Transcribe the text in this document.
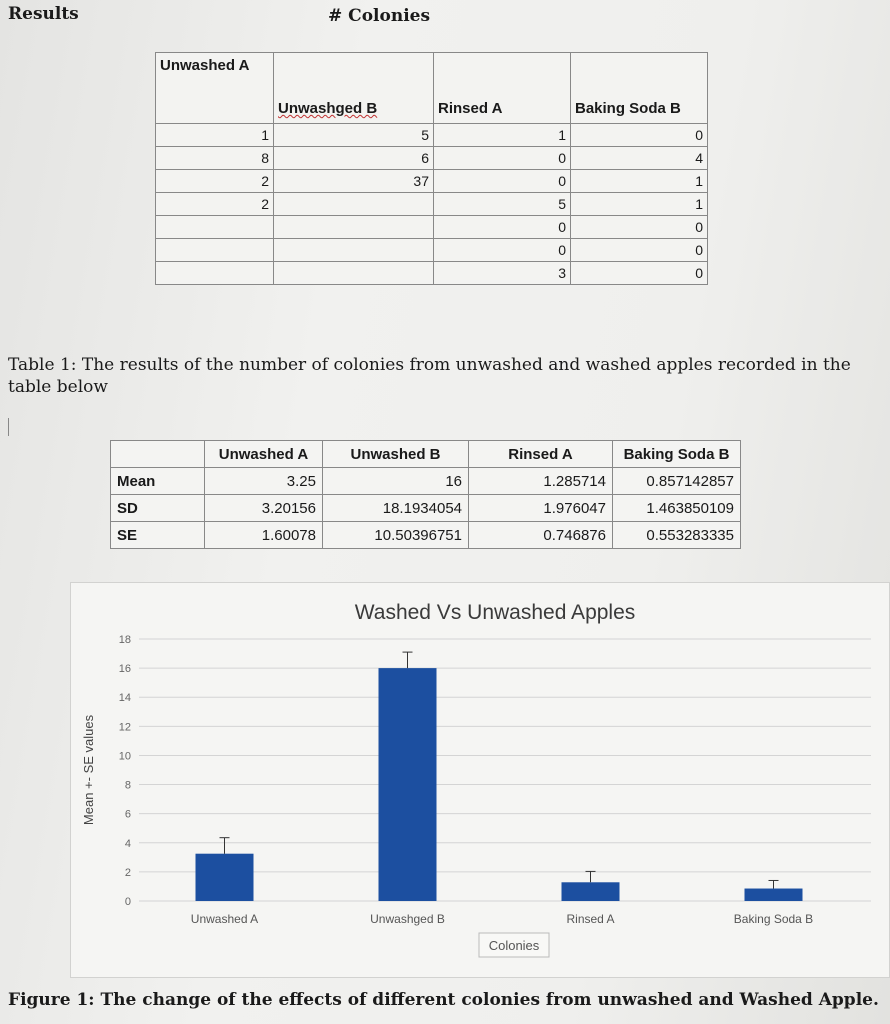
Results	# Colonies
Unwashed A	Unwashged B	Rinsed A	Baking Soda B
1	5	1	0
8	6	0	4
2	37	0	1
2		5	1
		0	0
		0	0
		3	0
Table 1: The results of the number of colonies from unwashed and washed apples recorded in the table below
	Unwashed A	Unwashed B	Rinsed A	Baking Soda B
Mean	3.25	16	1.285714	0.857142857
SD	3.20156	18.1934054	1.976047	1.463850109
SE	1.60078	10.50396751	0.746876	0.553283335
Washed Vs Unwashed Apples
0
2
4
6
8
10
12
14
16
18
Mean +- SE values
Unwashed A	Unwashged B	Rinsed A	Baking Soda B
Colonies
Figure 1: The change of the effects of different colonies from unwashed and Washed Apple.
